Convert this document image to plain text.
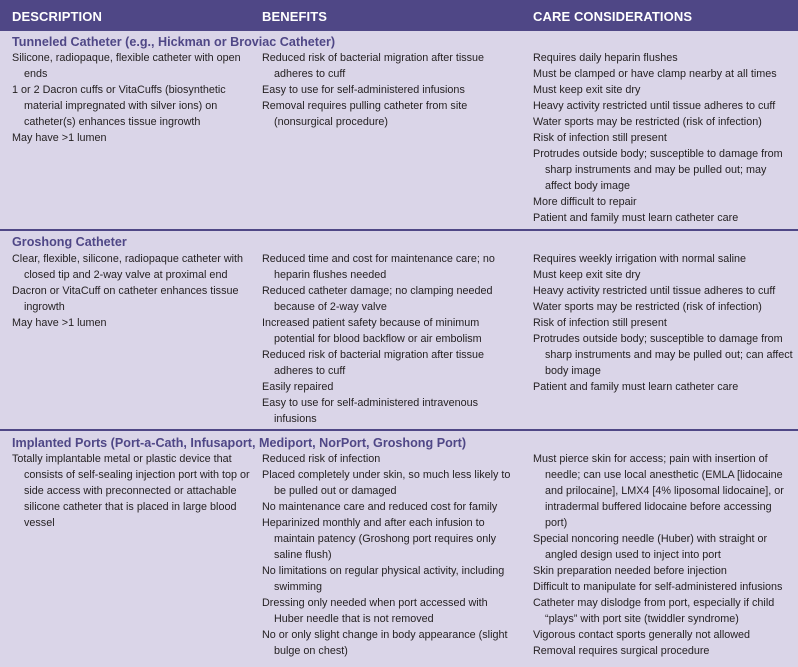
DESCRIPTION	BENEFITS	CARE CONSIDERATIONS
Tunneled Catheter (e.g., Hickman or Broviac Catheter)
Silicone, radiopaque, flexible catheter with open ends
1 or 2 Dacron cuffs or VitaCuffs (biosynthetic material impregnated with silver ions) on catheter(s) enhances tissue ingrowth
May have >1 lumen
Reduced risk of bacterial migration after tissue adheres to cuff
Easy to use for self-administered infusions
Removal requires pulling catheter from site (nonsurgical procedure)
Requires daily heparin flushes
Must be clamped or have clamp nearby at all times
Must keep exit site dry
Heavy activity restricted until tissue adheres to cuff
Water sports may be restricted (risk of infection)
Risk of infection still present
Protrudes outside body; susceptible to damage from sharp instruments and may be pulled out; may affect body image
More difficult to repair
Patient and family must learn catheter care
Groshong Catheter
Clear, flexible, silicone, radiopaque catheter with closed tip and 2-way valve at proximal end
Dacron or VitaCuff on catheter enhances tissue ingrowth
May have >1 lumen
Reduced time and cost for maintenance care; no heparin flushes needed
Reduced catheter damage; no clamping needed because of 2-way valve
Increased patient safety because of minimum potential for blood backflow or air embolism
Reduced risk of bacterial migration after tissue adheres to cuff
Easily repaired
Easy to use for self-administered intravenous infusions
Requires weekly irrigation with normal saline
Must keep exit site dry
Heavy activity restricted until tissue adheres to cuff
Water sports may be restricted (risk of infection)
Risk of infection still present
Protrudes outside body; susceptible to damage from sharp instruments and may be pulled out; can affect body image
Patient and family must learn catheter care
Implanted Ports (Port-a-Cath, Infusaport, Mediport, NorPort, Groshong Port)
Totally implantable metal or plastic device that consists of self-sealing injection port with top or side access with preconnected or attachable silicone catheter that is placed in large blood vessel
Reduced risk of infection
Placed completely under skin, so much less likely to be pulled out or damaged
No maintenance care and reduced cost for family
Heparinized monthly and after each infusion to maintain patency (Groshong port requires only saline flush)
No limitations on regular physical activity, including swimming
Dressing only needed when port accessed with Huber needle that is not removed
No or only slight change in body appearance (slight bulge on chest)
Must pierce skin for access; pain with insertion of needle; can use local anesthetic (EMLA [lidocaine and prilocaine], LMX4 [4% liposomal lidocaine], or intradermal buffered lidocaine before accessing port)
Special noncoring needle (Huber) with straight or angled design used to inject into port
Skin preparation needed before injection
Difficult to manipulate for self-administered infusions
Catheter may dislodge from port, especially if child “plays” with port site (twiddler syndrome)
Vigorous contact sports generally not allowed
Removal requires surgical procedure
